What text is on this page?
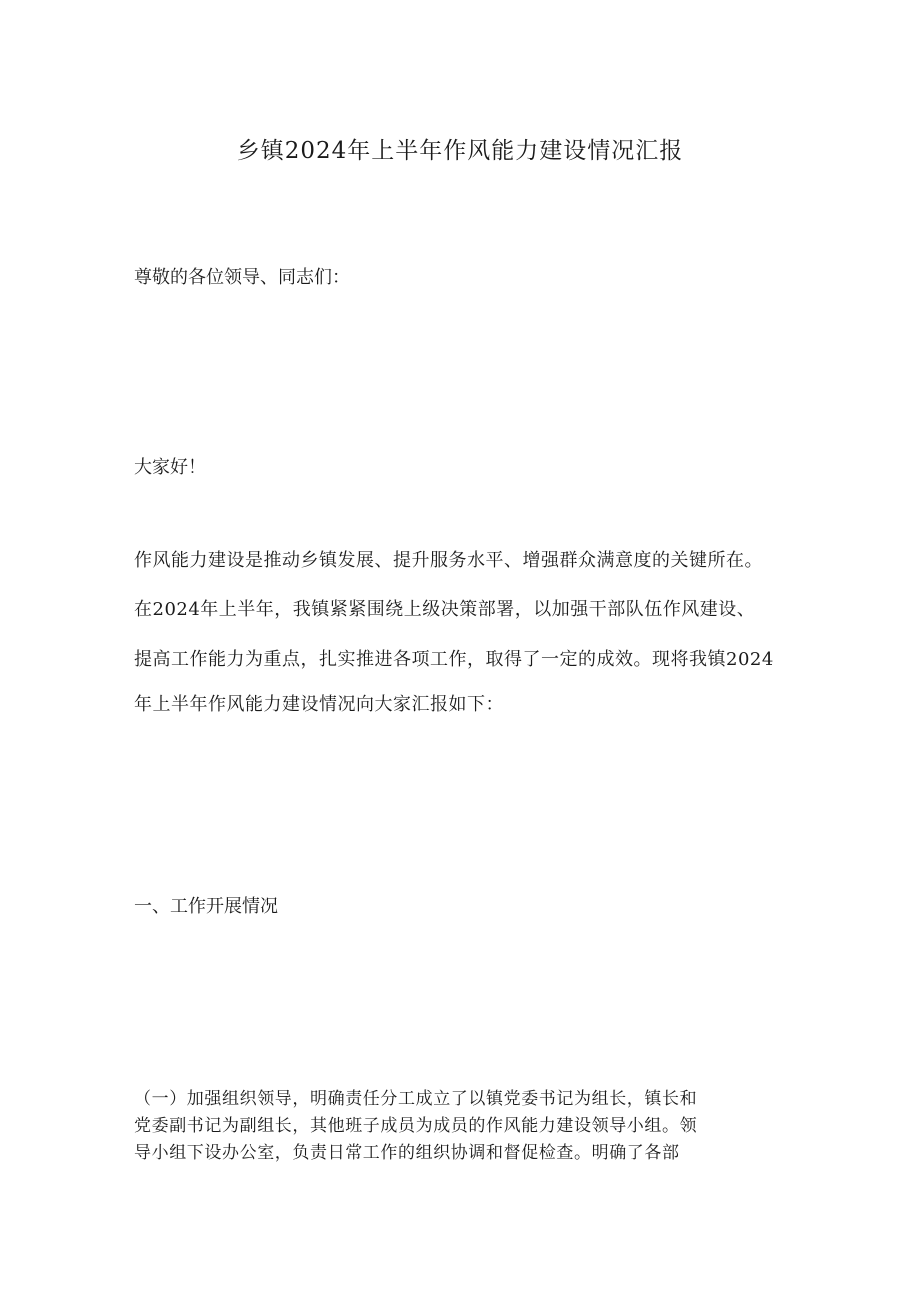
乡镇2024年上半年作风能力建设情况汇报
尊敬的各位领导、同志们：
大家好！
作风能力建设是推动乡镇发展、提升服务水平、增强群众满意度的关键所在。
在2024年上半年，我镇紧紧围绕上级决策部署，以加强干部队伍作风建设、
提高工作能力为重点，扎实推进各项工作，取得了一定的成效。现将我镇2024
年上半年作风能力建设情况向大家汇报如下：
一、工作开展情况
（一）加强组织领导，明确责任分工成立了以镇党委书记为组长，镇长和
党委副书记为副组长，其他班子成员为成员的作风能力建设领导小组。领
导小组下设办公室，负责日常工作的组织协调和督促检查。明确了各部
